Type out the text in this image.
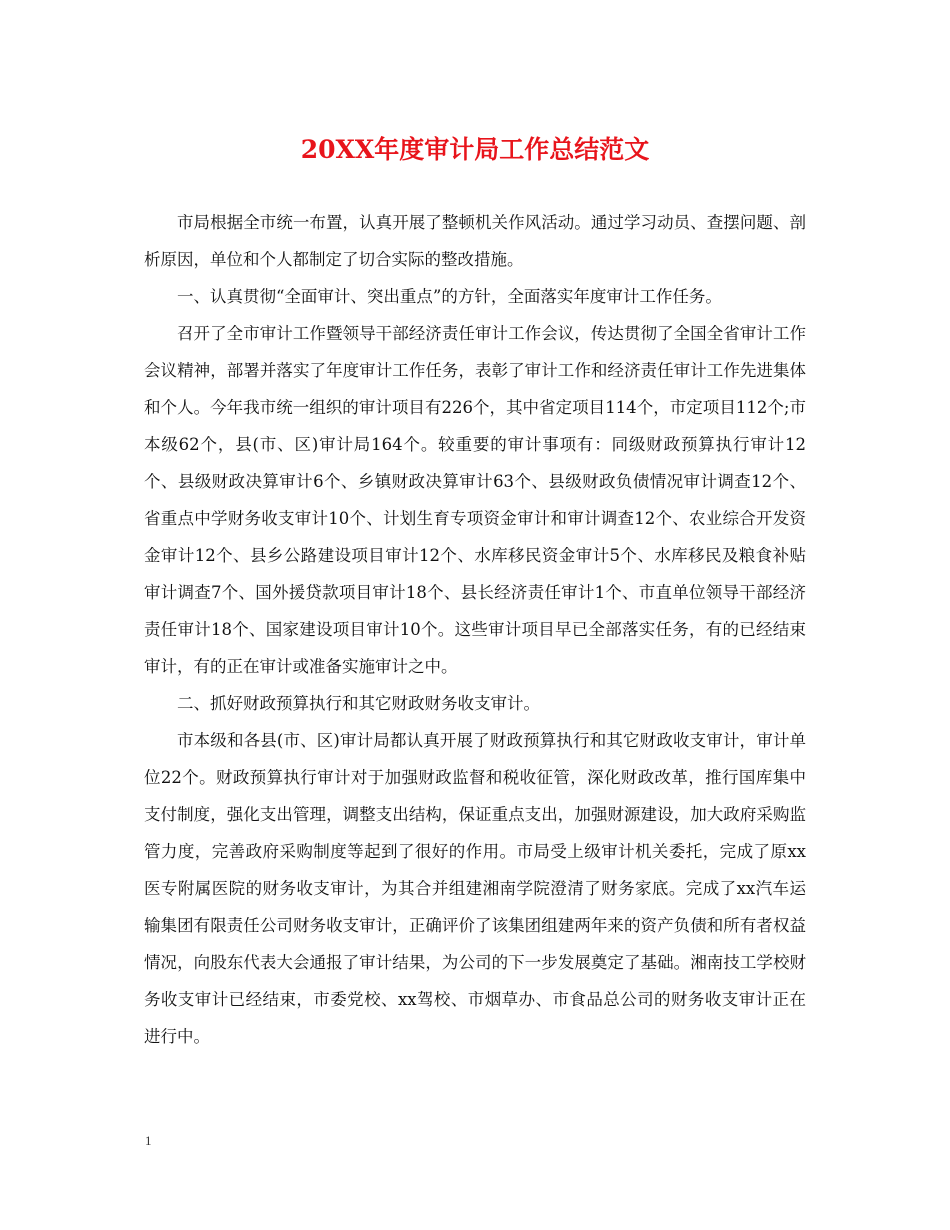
20XX年度审计局工作总结范文

市局根据全市统一布置，认真开展了整顿机关作风活动。通过学习动员、查摆问题、剖析原因，单位和个人都制定了切合实际的整改措施。

一、认真贯彻“全面审计、突出重点”的方针，全面落实年度审计工作任务。

召开了全市审计工作暨领导干部经济责任审计工作会议，传达贯彻了全国全省审计工作会议精神，部署并落实了年度审计工作任务，表彰了审计工作和经济责任审计工作先进集体和个人。今年我市统一组织的审计项目有226个，其中省定项目114个，市定项目112个;市本级62个，县(市、区)审计局164个。较重要的审计事项有：同级财政预算执行审计12个、县级财政决算审计6个、乡镇财政决算审计63个、县级财政负债情况审计调查12个、省重点中学财务收支审计10个、计划生育专项资金审计和审计调查12个、农业综合开发资金审计12个、县乡公路建设项目审计12个、水库移民资金审计5个、水库移民及粮食补贴审计调查7个、国外援贷款项目审计18个、县长经济责任审计1个、市直单位领导干部经济责任审计18个、国家建设项目审计10个。这些审计项目早已全部落实任务，有的已经结束审计，有的正在审计或准备实施审计之中。

二、抓好财政预算执行和其它财政财务收支审计。

市本级和各县(市、区)审计局都认真开展了财政预算执行和其它财政收支审计，审计单位22个。财政预算执行审计对于加强财政监督和税收征管，深化财政改革，推行国库集中支付制度，强化支出管理，调整支出结构，保证重点支出，加强财源建设，加大政府采购监管力度，完善政府采购制度等起到了很好的作用。市局受上级审计机关委托，完成了原xx医专附属医院的财务收支审计，为其合并组建湘南学院澄清了财务家底。完成了xx汽车运输集团有限责任公司财务收支审计，正确评价了该集团组建两年来的资产负债和所有者权益情况，向股东代表大会通报了审计结果，为公司的下一步发展奠定了基础。湘南技工学校财务收支审计已经结束，市委党校、xx驾校、市烟草办、市食品总公司的财务收支审计正在进行中。

1
